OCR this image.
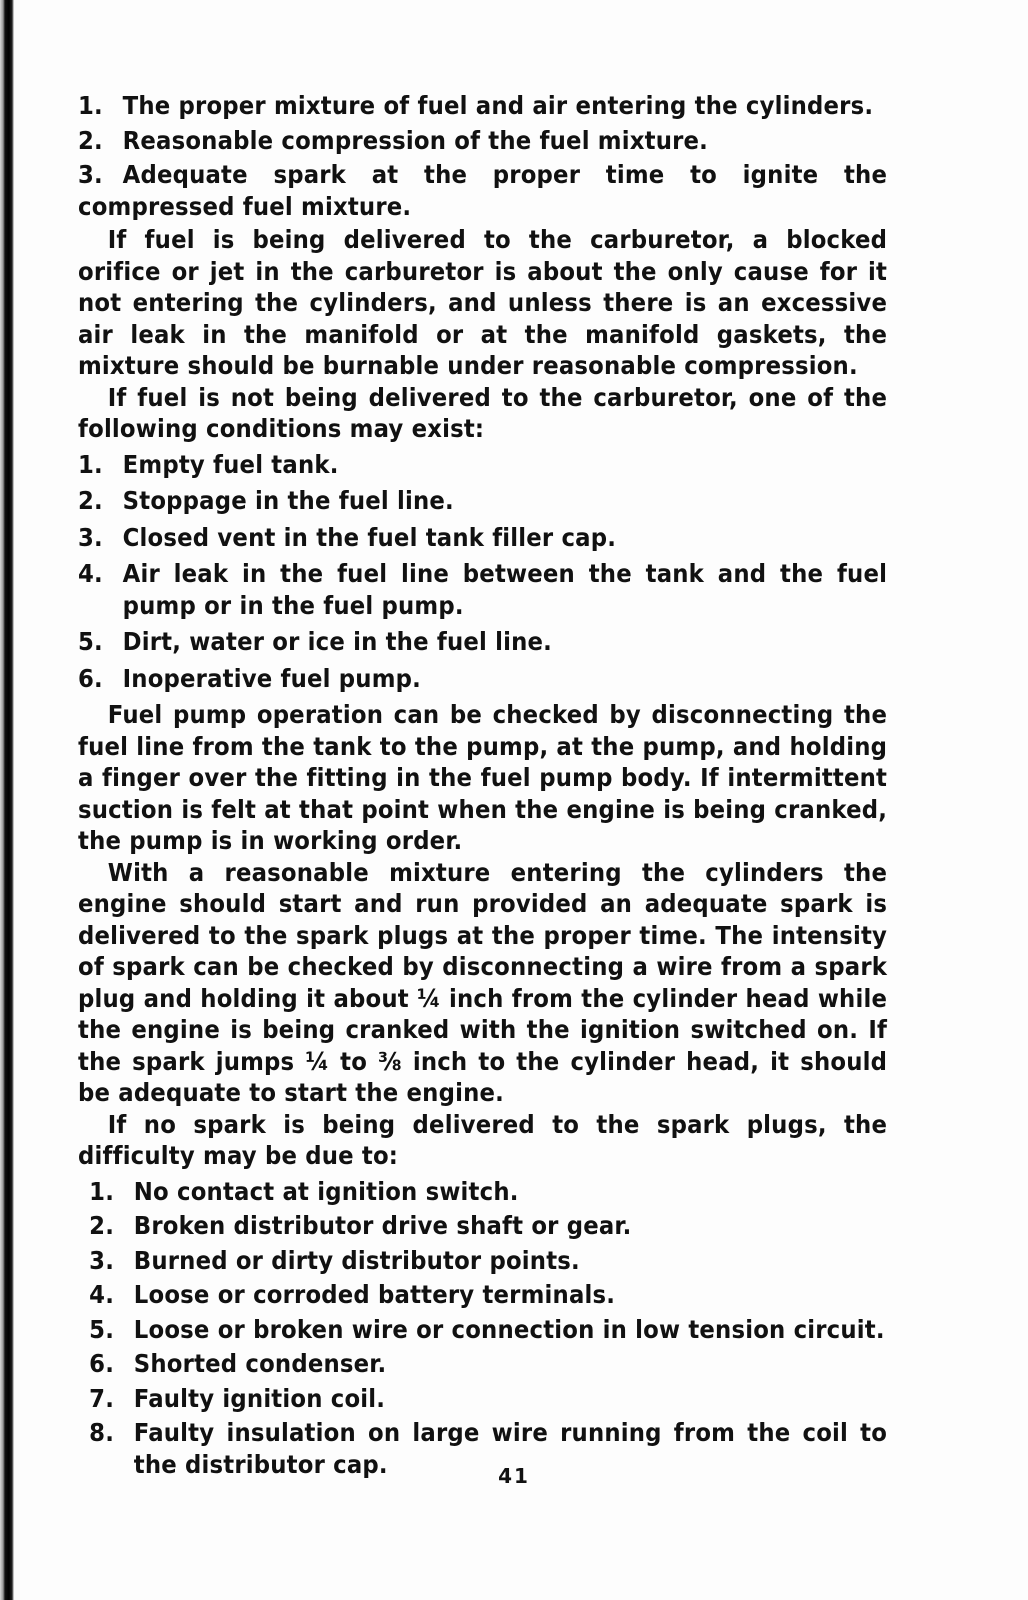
1. The proper mixture of fuel and air entering the cylinders.
2. Reasonable compression of the fuel mixture.
3. Adequate spark at the proper time to ignite the compressed fuel mixture.

If fuel is being delivered to the carburetor, a blocked orifice or jet in the carburetor is about the only cause for it not entering the cylinders, and unless there is an excessive air leak in the manifold or at the manifold gaskets, the mixture should be burnable under reasonable compression.

If fuel is not being delivered to the carburetor, one of the following conditions may exist:

1. Empty fuel tank.
2. Stoppage in the fuel line.
3. Closed vent in the fuel tank filler cap.
4. Air leak in the fuel line between the tank and the fuel pump or in the fuel pump.
5. Dirt, water or ice in the fuel line.
6. Inoperative fuel pump.

Fuel pump operation can be checked by disconnecting the fuel line from the tank to the pump, at the pump, and holding a finger over the fitting in the fuel pump body. If intermittent suction is felt at that point when the engine is being cranked, the pump is in working order.

With a reasonable mixture entering the cylinders the engine should start and run provided an adequate spark is delivered to the spark plugs at the proper time. The intensity of spark can be checked by disconnecting a wire from a spark plug and holding it about ¼ inch from the cylinder head while the engine is being cranked with the ignition switched on. If the spark jumps ¼ to ⅜ inch to the cylinder head, it should be adequate to start the engine.

If no spark is being delivered to the spark plugs, the difficulty may be due to:

1. No contact at ignition switch.
2. Broken distributor drive shaft or gear.
3. Burned or dirty distributor points.
4. Loose or corroded battery terminals.
5. Loose or broken wire or connection in low tension circuit.
6. Shorted condenser.
7. Faulty ignition coil.
8. Faulty insulation on large wire running from the coil to the distributor cap.	41
